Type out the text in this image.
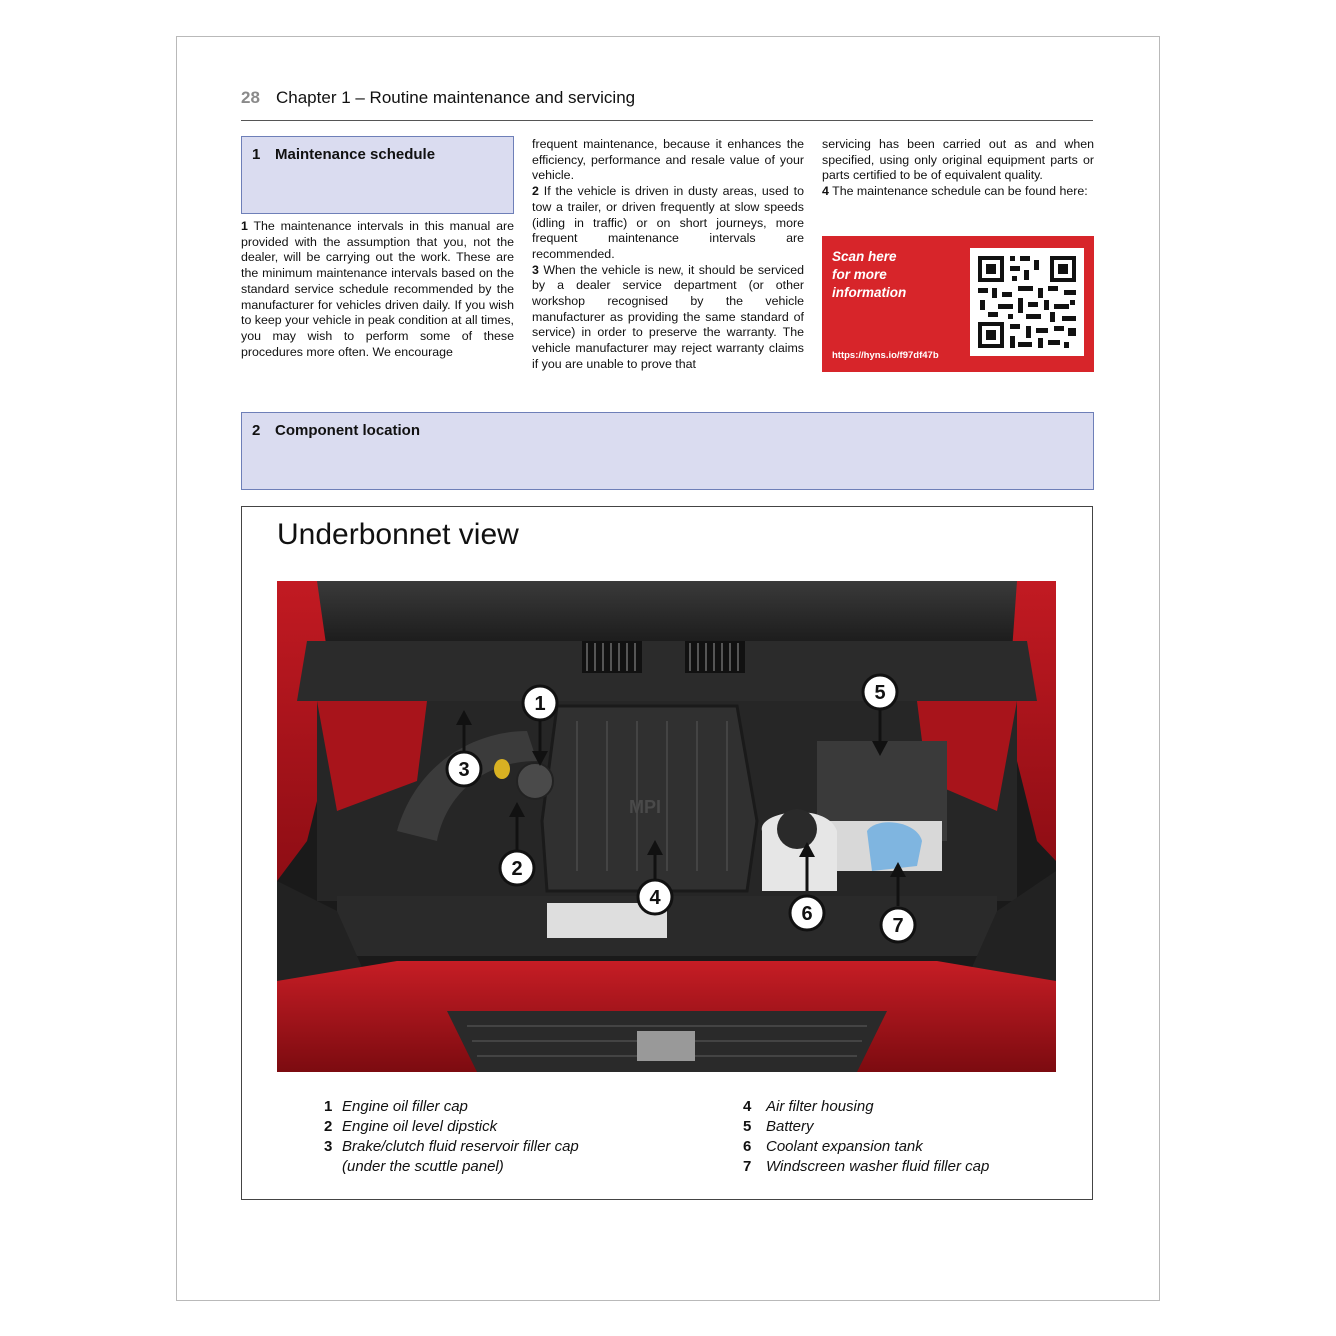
28 Chapter 1 – Routine maintenance and servicing
1 Maintenance schedule

1 The maintenance intervals in this manual are provided with the assumption that you, not the dealer, will be carrying out the work. These are the minimum maintenance intervals based on the standard service schedule recommended by the manufacturer for vehicles driven daily. If you wish to keep your vehicle in peak condition at all times, you may wish to perform some of these procedures more often. We encourage

frequent maintenance, because it enhances the efficiency, performance and resale value of your vehicle.

2 If the vehicle is driven in dusty areas, used to tow a trailer, or driven frequently at slow speeds (idling in traffic) or on short journeys, more frequent maintenance intervals are recommended.

3 When the vehicle is new, it should be serviced by a dealer service department (or other workshop recognised by the vehicle manufacturer as providing the same standard of service) in order to preserve the warranty. The vehicle manufacturer may reject warranty claims if you are unable to prove that

servicing has been carried out as and when specified, using only original equipment parts or parts certified to be of equivalent quality.

4 The maintenance schedule can be found here:

Scan here
for more
information
https://hyns.io/f97df47b
2 Component location
Underbonnet view
MPI
1
2
3
4
5
6
7
1 Engine oil filler cap
2 Engine oil level dipstick
3 Brake/clutch fluid reservoir filler cap
(under the scuttle panel)
4 Air filter housing
5 Battery
6 Coolant expansion tank
7 Windscreen washer fluid filler cap
